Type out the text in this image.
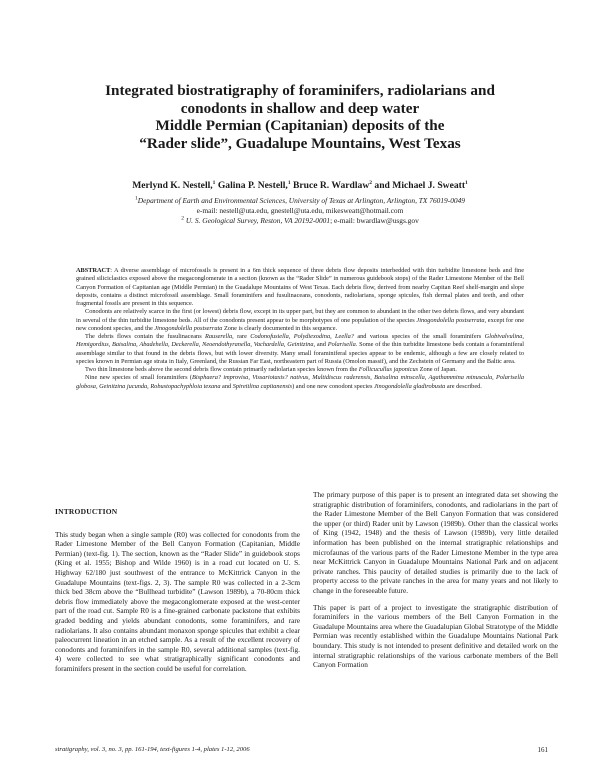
Integrated biostratigraphy of foraminifers, radiolarians and
conodonts in shallow and deep water
Middle Permian (Capitanian) deposits of the
“Rader slide”, Guadalupe Mountains, West Texas
Merlynd K. Nestell,$^1$ Galina P. Nestell,$^1$ Bruce R. Wardlaw$^2$ and Michael J. Sweatt$^1$
$^1$Department of Earth and Environmental Sciences, University of Texas at Arlington, Arlington, TX 76019-0049
e-mail: nestell@uta.edu, gnestell@uta.edu, mikesweatt@hotmail.com
$^2$ U. S. Geological Survey, Reston, VA 20192-0001; e-mail: bwardlaw@usgs.gov

ABSTRACT: A diverse assemblage of microfossils is present in a 6m thick sequence of three debris flow deposits interbedded with thin turbidite limestone beds and fine grained siliciclastics exposed above the megaconglomerate in a section (known as the “Rader Slide” in numerous guidebook stops) of the Rader Limestone Member of the Bell Canyon Formation of Capitanian age (Middle Permian) in the Guadalupe Mountains of West Texas. Each debris flow, derived from nearby Capitan Reef shelf-margin and slope deposits, contains a distinct microfossil assemblage. Small foraminifers and fusulinaceans, conodonts, radiolarians, sponge spicules, fish dermal plates and teeth, and other fragmental fossils are present in this sequence.

Conodonts are relatively scarce in the first (or lowest) debris flow, except in its upper part, but they are common to abundant in the other two debris flows, and very abundant in several of the thin turbidite limestone beds. All of the conodonts present appear to be morphotypes of one population of the species Jinogondolella postserrata, except for one new conodont species, and the Jinogondolella postserrata Zone is clearly documented in this sequence.

The debris flows contain the fusulinaceans Rauserella, rare Codonofusiella, Polydiexodina, Leella? and various species of the small foraminifers Globivalvulina, Hemigordius, Baisalina, Abadehella, Deckerella, Neoendothyranella, Vachardella, Geinitzina, and Polarisella. Some of the thin turbidite limestone beds contain a foraminiferal assemblage similar to that found in the debris flows, but with lower diversity. Many small foraminiferal species appear to be endemic, although a few are closely related to species known in Permian age strata in Italy, Greenland, the Russian Far East, northeastern part of Russia (Omolon massif), and the Zechstein of Germany and the Baltic area.

Two thin limestone beds above the second debris flow contain primarily radiolarian species known from the Follicucullus japonicus Zone of Japan.

Nine new species of small foraminifers (Bisphaera? improvisa, Vissariotaxis? nativus, Multidiscus raderensis, Baisalina minscella, Agathammina minuscula, Polarisella globosa, Geinitzina jucunda, Robustopachyphloia texana and Spireitlina capitanensis) and one new conodont species Jinogondolella gladirobusta are described.

INTRODUCTION

This study began when a single sample (R0) was collected for conodonts from the Rader Limestone Member of the Bell Canyon Formation (Capitanian, Middle Permian) (text-fig. 1). The section, known as the “Rader Slide” in guidebook stops (King et al. 1955; Bishop and Wilde 1960) is in a road cut located on U. S. Highway 62/180 just southwest of the entrance to McKittrick Canyon in the Guadalupe Mountains (text-figs. 2, 3). The sample R0 was collected in a 2-3cm thick bed 38cm above the “Bullhead turbidite” (Lawson 1989b), a 70-80cm thick debris flow immediately above the megaconglomerate exposed at the west-center part of the road cut. Sample R0 is a fine-grained carbonate packstone that exhibits graded bedding and yields abundant conodonts, some foraminifers, and rare radiolarians. It also contains abundant monaxon sponge spicules that exhibit a clear paleocurrent lineation in an etched sample. As a result of the excellent recovery of conodonts and foraminifers in the sample R0, several additional samples (text-fig. 4) were collected to see what stratigraphically significant conodonts and foraminifers present in the section could be useful for correlation.

The primary purpose of this paper is to present an integrated data set showing the stratigraphic distribution of foraminifers, conodonts, and radiolarians in the part of the Rader Limestone Member of the Bell Canyon Formation that was considered the upper (or third) Rader unit by Lawson (1989b). Other than the classical works of King (1942, 1948) and the thesis of Lawson (1989b), very little detailed information has been published on the internal stratigraphic relationships and microfaunas of the various parts of the Rader Limestone Member in the type area near McKittrick Canyon in Guadalupe Mountains National Park and on adjacent private ranches. This paucity of detailed studies is primarily due to the lack of property access to the private ranches in the area for many years and not likely to change in the foreseeable future.

This paper is part of a project to investigate the stratigraphic distribution of foraminifers in the various members of the Bell Canyon Formation in the Guadalupe Mountains area where the Guadalupian Global Stratotype of the Middle Permian was recently established within the Guadalupe Mountains National Park boundary. This study is not intended to present definitive and detailed work on the internal stratigraphic relationships of the various carbonate members of the Bell Canyon Formation

stratigraphy, vol. 3, no. 3, pp. 161-194, text-figures 1-4, plates 1-12, 2006	161
